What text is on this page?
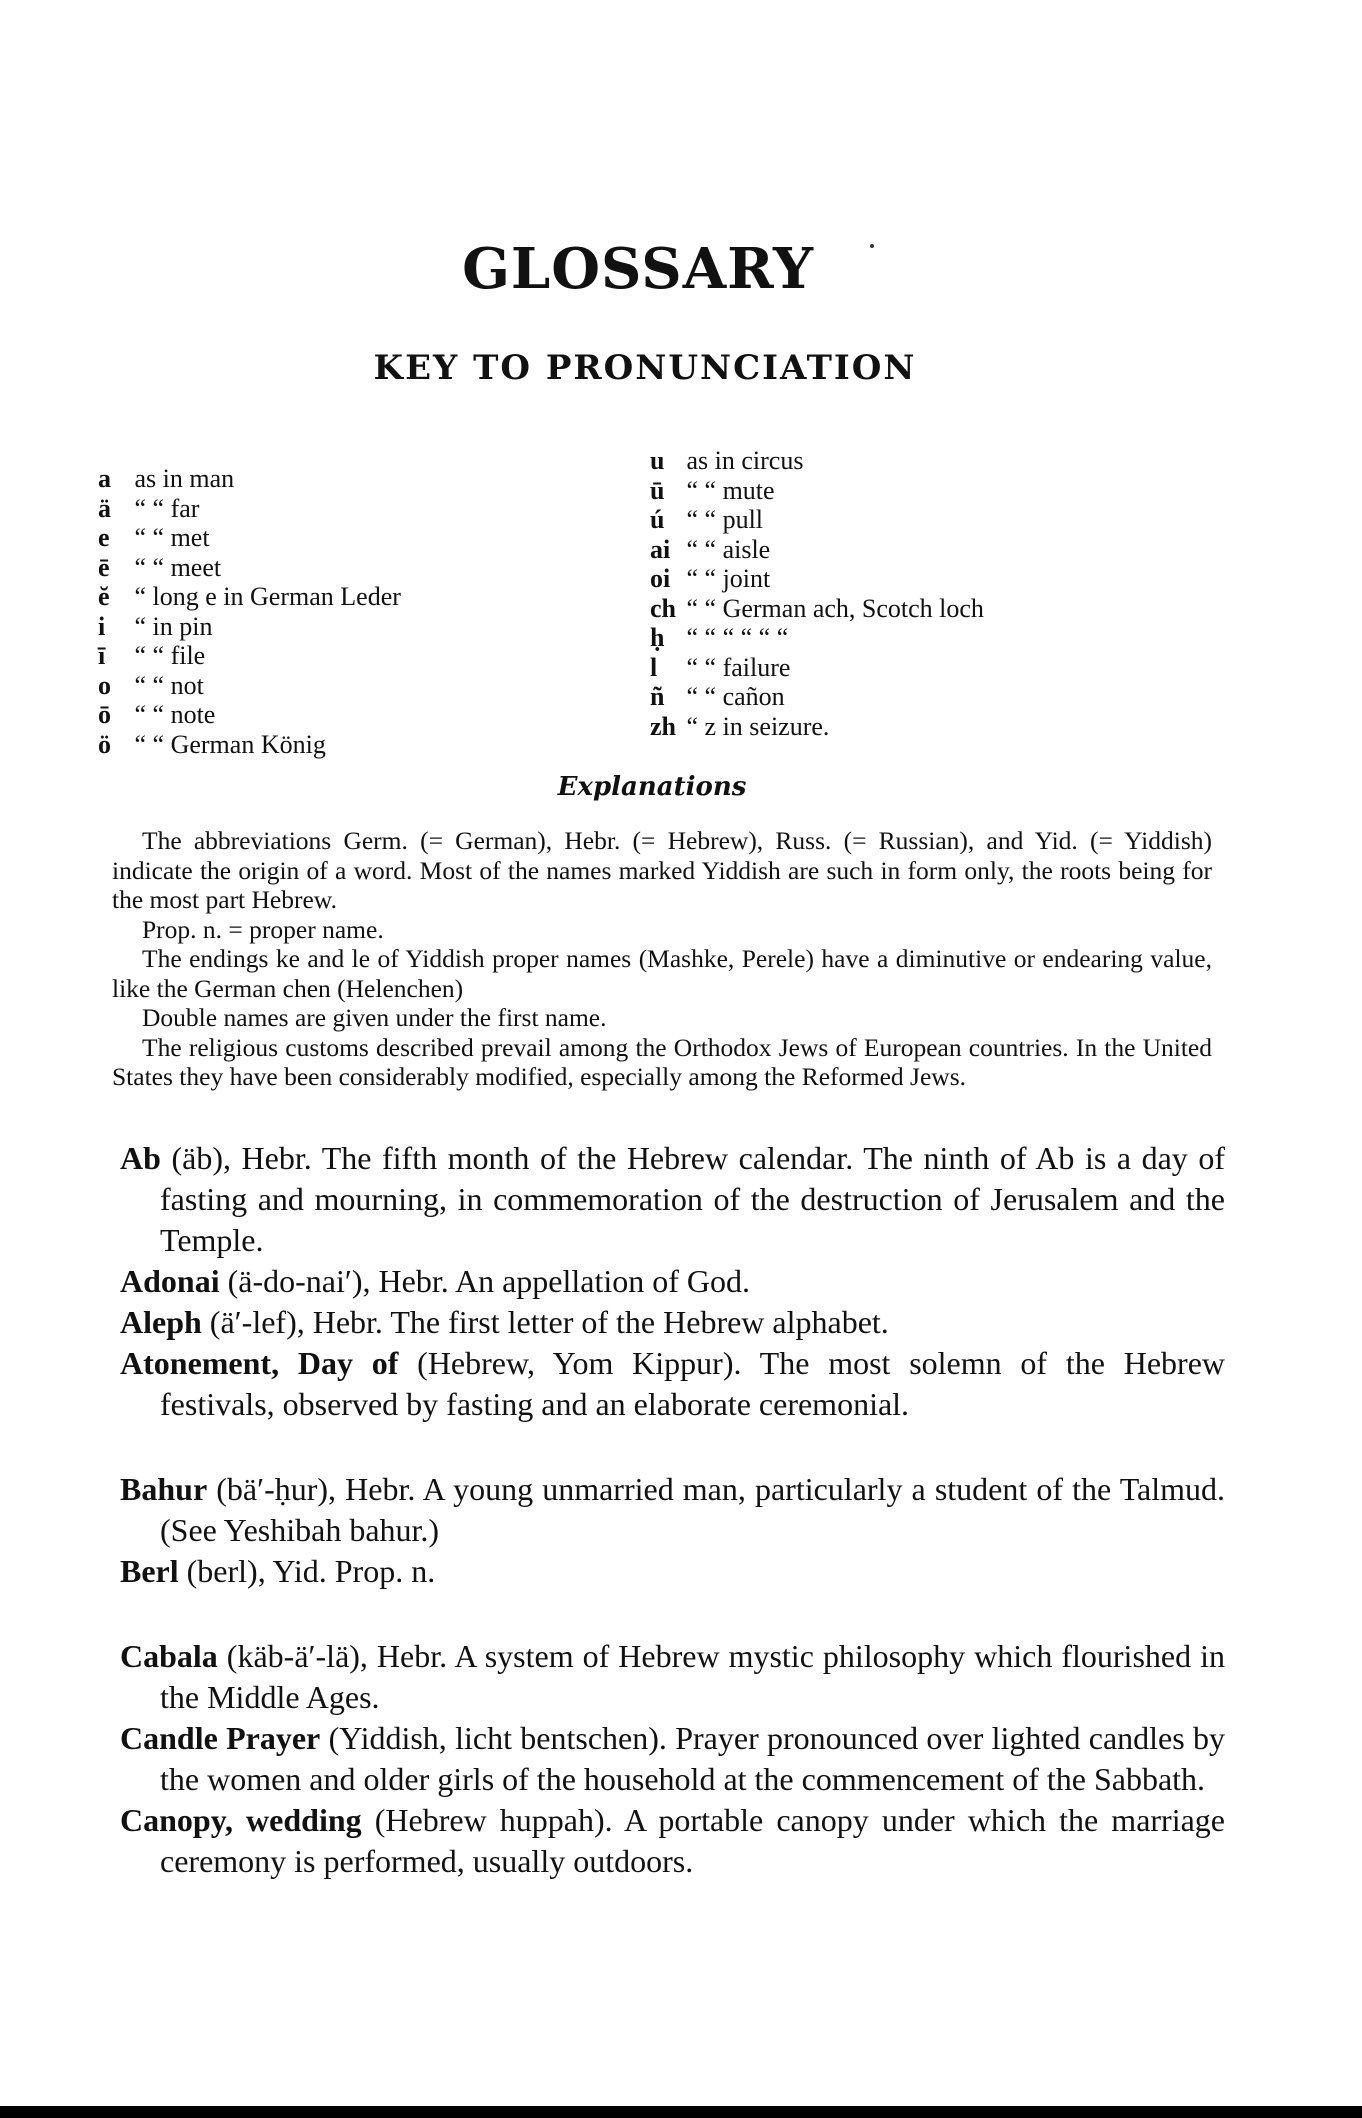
GLOSSARY
KEY TO PRONUNCIATION
a as in man
ä “ “ far
e “ “ met
ē “ “ meet
ĕ “ long e in German Leder
i “ in pin
ī “ “ file
o “ “ not
ō “ “ note
ö “ “ German König
u as in circus
ū “ “ mute
ú “ “ pull
ai “ “ aisle
oi “ “ joint
ch “ “ German ach, Scotch loch
ḥ “ “ “ “ “ “
l “ “ failure
ñ “ “ cañon
zh “ z in seizure.
Explanations

The abbreviations Germ. (= German), Hebr. (= Hebrew), Russ. (= Russian), and Yid. (= Yiddish) indicate the origin of a word. Most of the names marked Yiddish are such in form only, the roots being for the most part Hebrew.

Prop. n. = proper name.

The endings ke and le of Yiddish proper names (Mashke, Perele) have a diminutive or endearing value, like the German chen (Helenchen)

Double names are given under the first name.

The religious customs described prevail among the Orthodox Jews of European countries. In the United States they have been considerably modified, especially among the Reformed Jews.

Ab (äb), Hebr. The fifth month of the Hebrew calendar. The ninth of Ab is a day of fasting and mourning, in commemoration of the destruction of Jerusalem and the Temple.
Adonai (ä-do-nai′), Hebr. An appellation of God.
Aleph (ä′-lef), Hebr. The first letter of the Hebrew alphabet.
Atonement, Day of (Hebrew, Yom Kippur). The most solemn of the Hebrew festivals, observed by fasting and an elaborate ceremonial.
Bahur (bä′-ḥur), Hebr. A young unmarried man, particularly a student of the Talmud. (See Yeshibah bahur.)
Berl (berl), Yid. Prop. n.
Cabala (käb-ä′-lä), Hebr. A system of Hebrew mystic philosophy which flourished in the Middle Ages.
Candle Prayer (Yiddish, licht bentschen). Prayer pronounced over lighted candles by the women and older girls of the household at the commencement of the Sabbath.
Canopy, wedding (Hebrew huppah). A portable canopy under which the marriage ceremony is performed, usually outdoors.
